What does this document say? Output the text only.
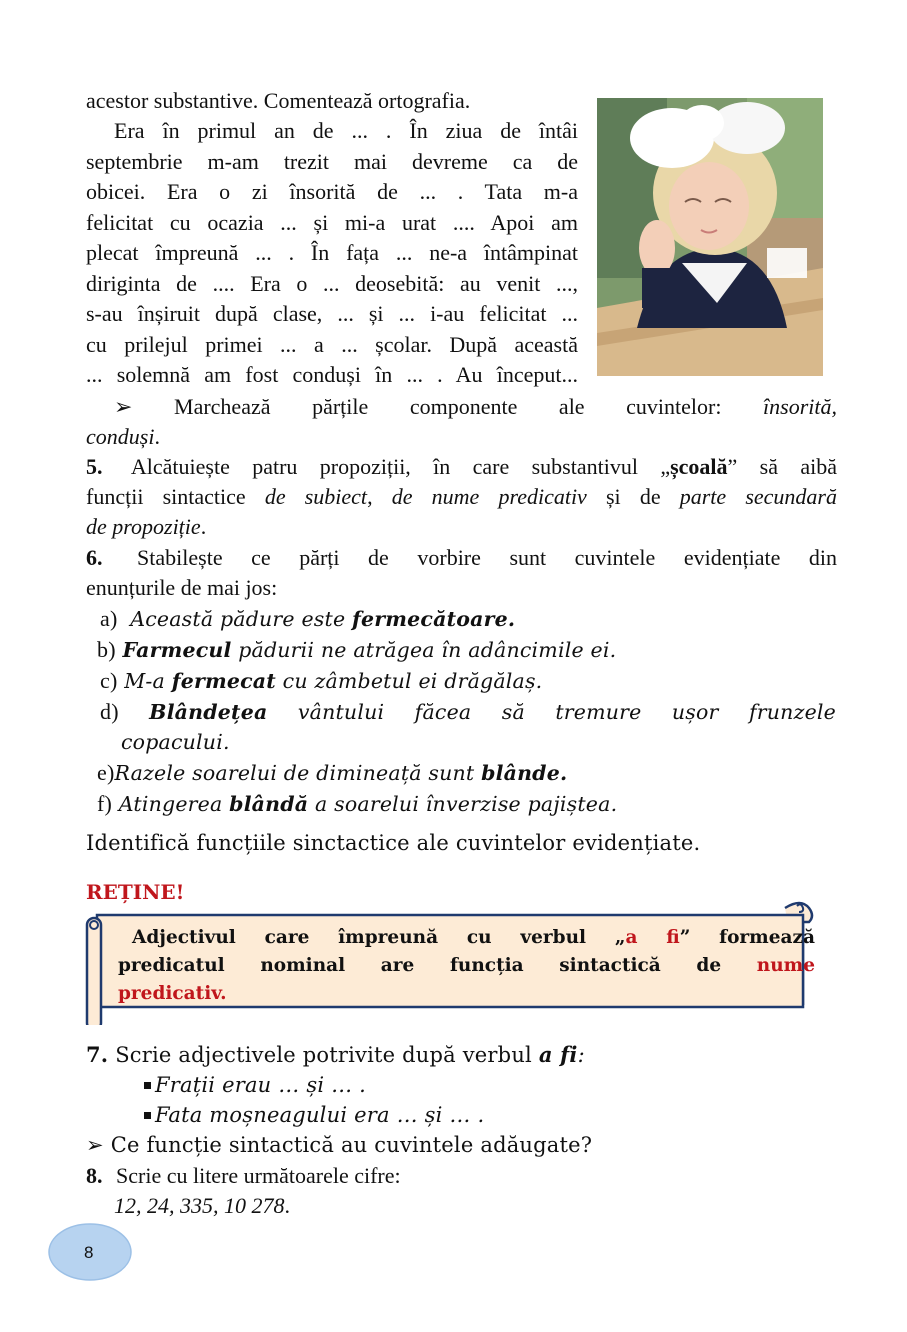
acestor substantive. Comentează ortografia.
Era în primul an de ... . În ziua de întâi
septembrie m-am trezit mai devreme ca de
obicei. Era o zi însorită de ... . Tata m-a
felicitat cu ocazia ... și mi-a urat .... Apoi am
plecat împreună ... . În fața ... ne-a întâmpinat
diriginta de .... Era o ... deosebită: au venit ...,
s-au înșiruit după clase, ... și ... i-au felicitat ...
cu prilejul primei ... a ... școlar. După această
... solemnă am fost conduși în ... . Au început...
➢ Marchează părțile componente ale cuvintelor: însorită,
conduși.
5. Alcătuiește patru propoziții, în care substantivul „școală” să aibă
funcții sintactice de subiect, de nume predicativ și de parte secundară
de propoziție.
6. Stabilește ce părți de vorbire sunt cuvintele evidențiate din
enunțurile de mai jos:
a) Această pădure este fermecătoare.
b) Farmecul pădurii ne atrăgea în adâncimile ei.
c) M-a fermecat cu zâmbetul ei drăgălaș.
d) Blândețea vântului făcea să tremure ușor frunzele
copacului.
e)Razele soarelui de dimineață sunt blânde.
f) Atingerea blândă a soarelui înverzise pajiștea.
Identifică funcțiile sinctactice ale cuvintelor evidențiate.
REȚINE!
Adjectivul care împreună cu verbul „a fi” formează
predicatul nominal are funcția sintactică de nume
predicativ.
7. Scrie adjectivele potrivite după verbul a fi:
Frații erau … și … .
Fata moșneagului era … și … .
➢ Ce funcție sintactică au cuvintele adăugate?
8. Scrie cu litere următoarele cifre:
12, 24, 335, 10 278.
8
